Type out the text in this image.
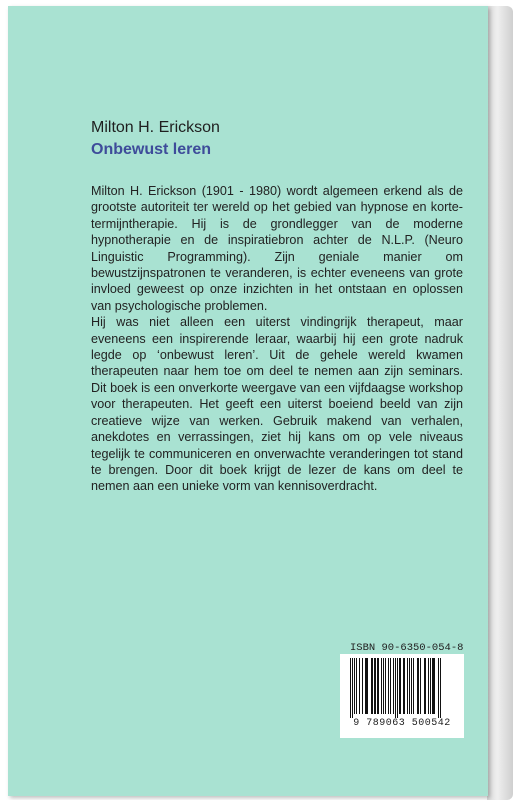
Milton H. Erickson
Onbewust leren

Milton H. Erickson (1901 - 1980) wordt algemeen erkend als de grootste autoriteit ter wereld op het gebied van hypnose en korte-termijntherapie. Hij is de grondlegger van de moderne hypnotherapie en de inspiratiebron achter de N.L.P. (Neuro Linguistic Programming). Zijn geniale manier om bewustzijnspatronen te veranderen, is echter eveneens van grote invloed geweest op onze inzichten in het ontstaan en oplossen van psychologische problemen.

Hij was niet alleen een uiterst vindingrijk therapeut, maar eveneens een inspirerende leraar, waarbij hij een grote nadruk legde op ‘onbewust leren’. Uit de gehele wereld kwamen therapeuten naar hem toe om deel te nemen aan zijn seminars. Dit boek is een onverkorte weergave van een vijfdaagse workshop voor therapeuten. Het geeft een uiterst boeiend beeld van zijn creatieve wijze van werken. Gebruik makend van verhalen, anekdotes en verrassingen, ziet hij kans om op vele niveaus tegelijk te communiceren en onverwachte veranderingen tot stand te brengen. Door dit boek krijgt de lezer de kans om deel te nemen aan een unieke vorm van kennisoverdracht.

ISBN 90-6350-054-8
9 789063 500542
